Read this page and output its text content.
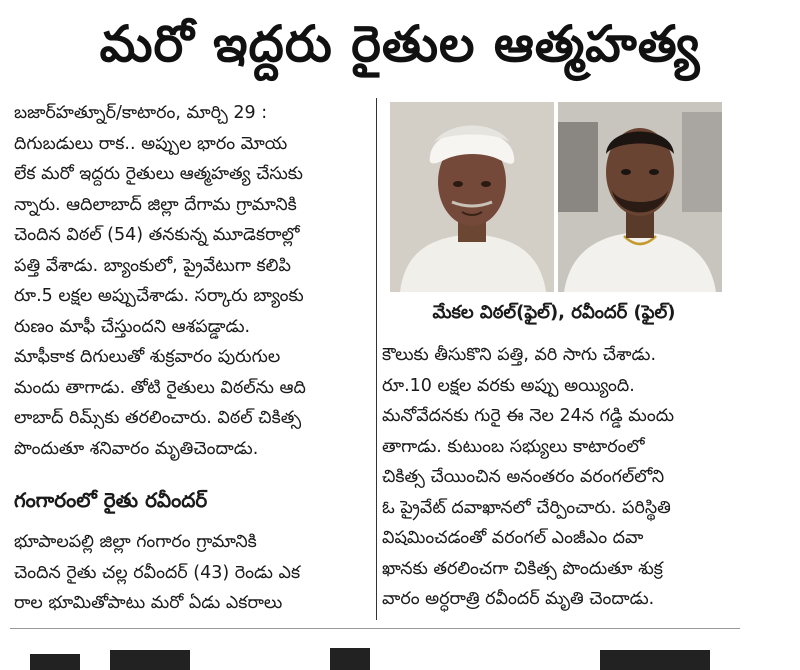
మరో ఇద్దరు రైతుల ఆత్మహత్య

బజార్‌హత్నూర్/కాటారం, మార్చి 29 :

దిగుబడులు రాక.. అప్పుల భారం మోయ

లేక మరో ఇద్దరు రైతులు ఆత్మహత్య చేసుకు

న్నారు. ఆదిలాబాద్ జిల్లా దేగామ గ్రామానికి

చెందిన విఠల్ (54) తనకున్న మూడెకరాల్లో

పత్తి వేశాడు. బ్యాంకులో, ప్రైవేటుగా కలిపి

రూ.5 లక్షల అప్పుచేశాడు. సర్కారు బ్యాంకు

రుణం మాఫీ చేస్తుందని ఆశపడ్డాడు.

మాఫీకాక దిగులుతో శుక్రవారం పురుగుల

మందు తాగాడు. తోటి రైతులు విఠల్‌ను ఆది

లాబాద్ రిమ్స్‌కు తరలించారు. విఠల్ చికిత్స

పొందుతూ శనివారం మృతిచెందాడు.

గంగారంలో రైతు రవీందర్

భూపాలపల్లి జిల్లా గంగారం గ్రామానికి

చెందిన రైతు చల్ల రవీందర్ (43) రెండు ఎక

రాల భూమితోపాటు మరో ఏడు ఎకరాలు

మేకల విఠల్(ఫైల్), రవీందర్ (ఫైల్)

కౌలుకు తీసుకొని పత్తి, వరి సాగు చేశాడు.

రూ.10 లక్షల వరకు అప్పు అయ్యింది.

మనోవేదనకు గురై ఈ నెల 24న గడ్డి మందు

తాగాడు. కుటుంబ సభ్యులు కాటారంలో

చికిత్స చేయించిన అనంతరం వరంగల్‌లోని

ఓ ప్రైవేట్ దవాఖానలో చేర్పించారు. పరిస్థితి

విషమించడంతో వరంగల్ ఎంజీఎం దవా

ఖానకు తరలించగా చికిత్స పొందుతూ శుక్ర

వారం అర్ధరాత్రి రవీందర్ మృతి చెందాడు.
